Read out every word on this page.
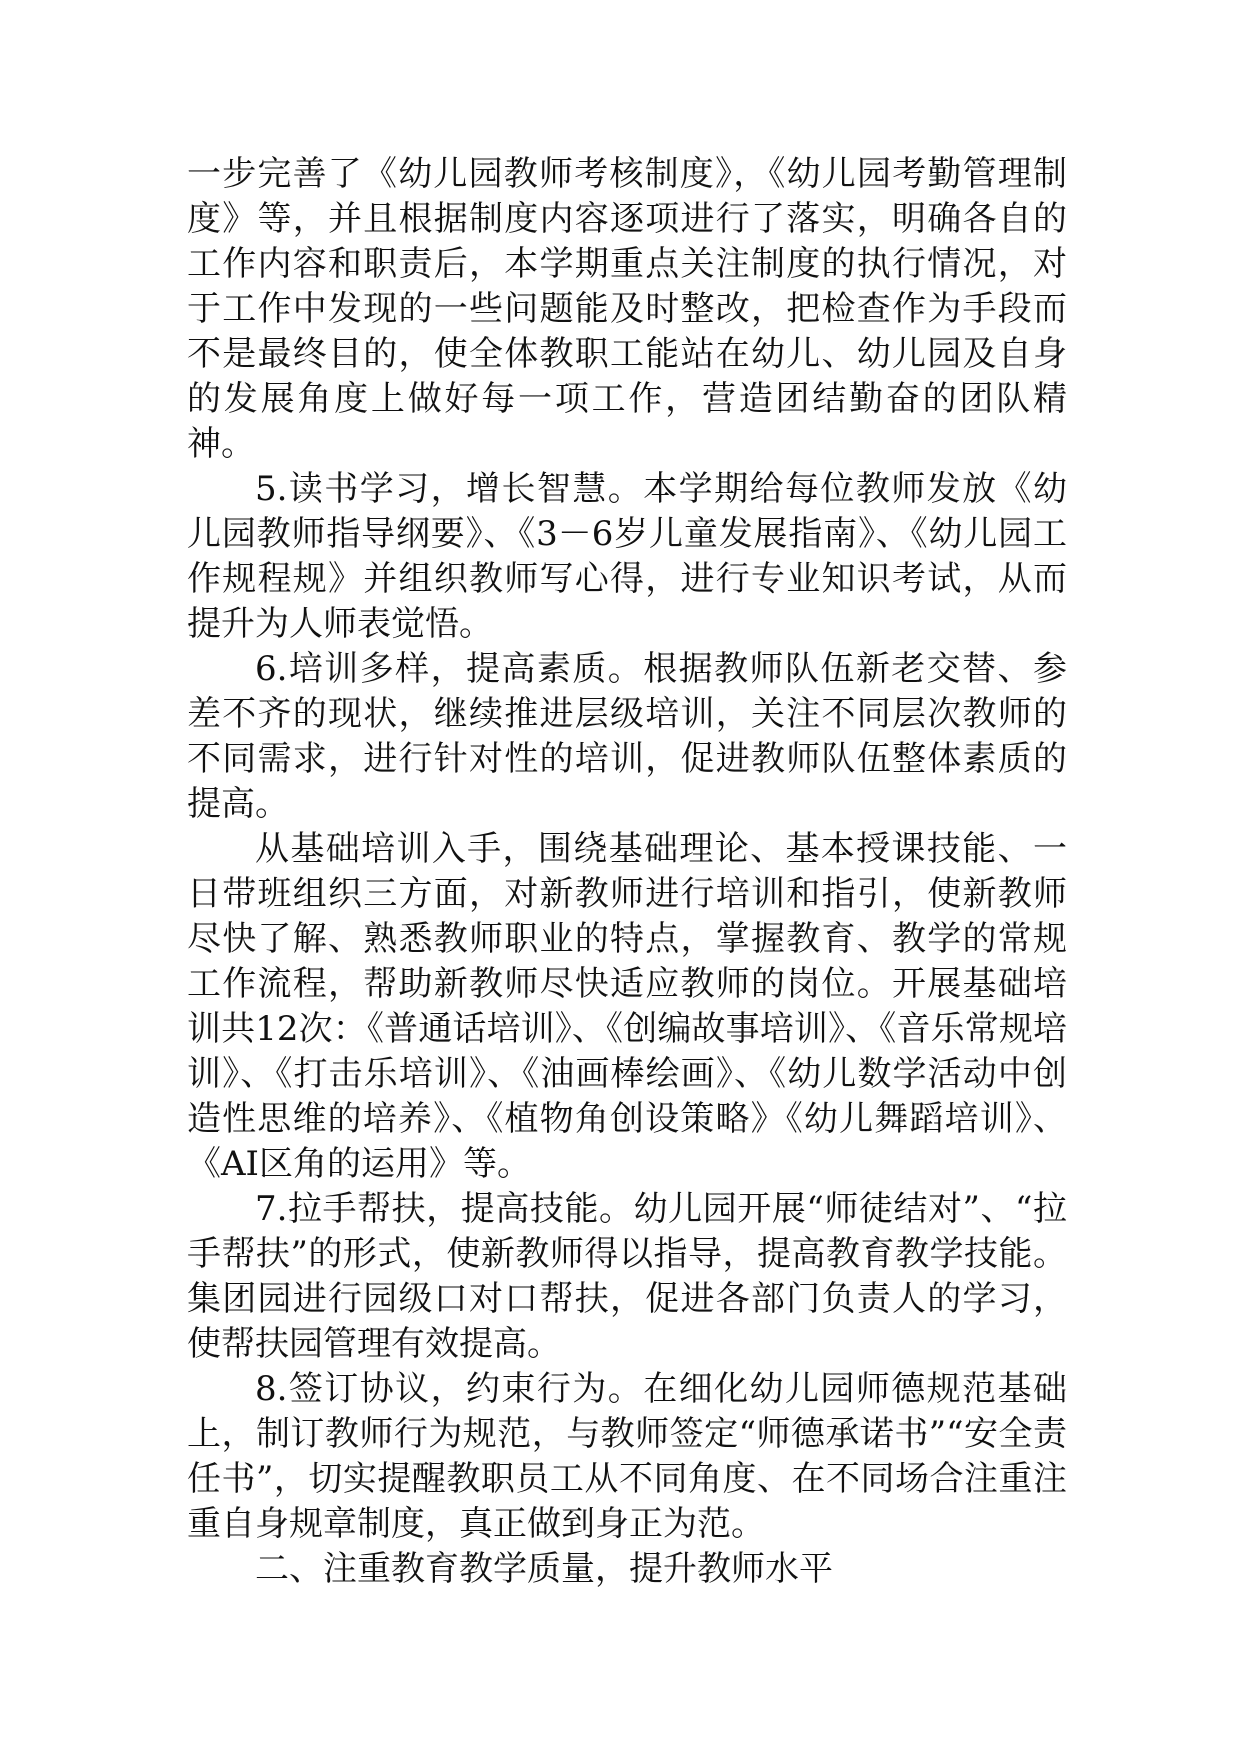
一步完善了《幼儿园教师考核制度》，《幼儿园考勤管理制度》等，并且根据制度内容逐项进行了落实，明确各自的工作内容和职责后，本学期重点关注制度的执行情况，对于工作中发现的一些问题能及时整改，把检查作为手段而不是最终目的，使全体教职工能站在幼儿、幼儿园及自身的发展角度上做好每一项工作，营造团结勤奋的团队精神。

5.读书学习，增长智慧。本学期给每位教师发放《幼儿园教师指导纲要》、《3－6岁儿童发展指南》、《幼儿园工作规程规》并组织教师写心得，进行专业知识考试，从而提升为人师表觉悟。

6.培训多样，提高素质。根据教师队伍新老交替、参差不齐的现状，继续推进层级培训，关注不同层次教师的不同需求，进行针对性的培训，促进教师队伍整体素质的提高。

从基础培训入手，围绕基础理论、基本授课技能、一日带班组织三方面，对新教师进行培训和指引，使新教师尽快了解、熟悉教师职业的特点，掌握教育、教学的常规工作流程，帮助新教师尽快适应教师的岗位。开展基础培训共12次：《普通话培训》、《创编故事培训》、《音乐常规培训》、《打击乐培训》、《油画棒绘画》、《幼儿数学活动中创造性思维的培养》、《植物角创设策略》《幼儿舞蹈培训》、《AI区角的运用》等。

7.拉手帮扶，提高技能。幼儿园开展“师徒结对”、“拉手帮扶”的形式，使新教师得以指导，提高教育教学技能。集团园进行园级口对口帮扶，促进各部门负责人的学习，使帮扶园管理有效提高。

8.签订协议，约束行为。在细化幼儿园师德规范基础上，制订教师行为规范，与教师签定“师德承诺书”“安全责任书”，切实提醒教职员工从不同角度、在不同场合注重注重自身规章制度，真正做到身正为范。

二、注重教育教学质量，提升教师水平
